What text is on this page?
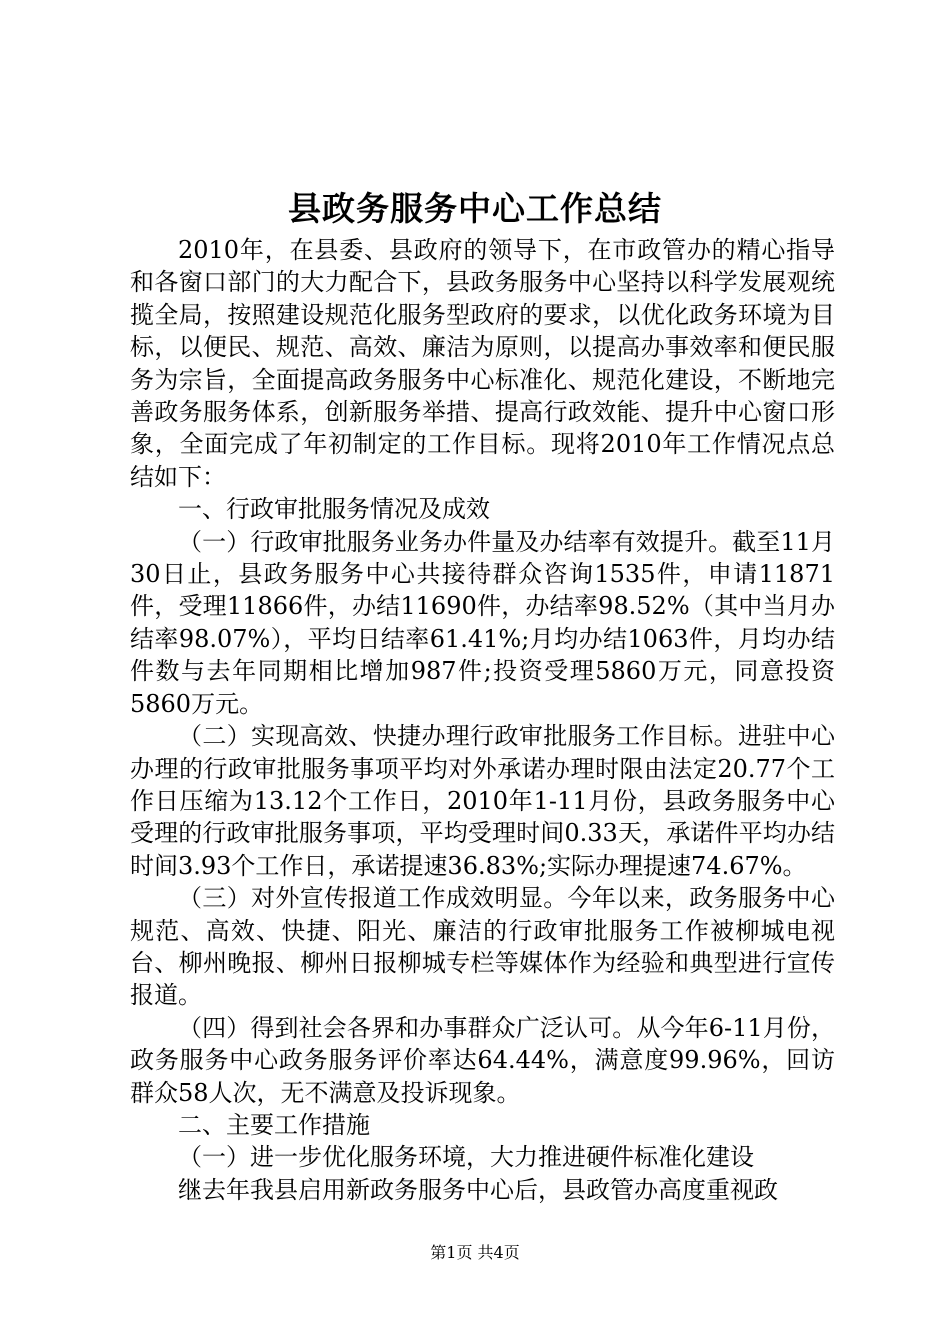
县政务服务中心工作总结

2010年，在县委、县政府的领导下，在市政管办的精心指导和各窗口部门的大力配合下，县政务服务中心坚持以科学发展观统揽全局，按照建设规范化服务型政府的要求，以优化政务环境为目标，以便民、规范、高效、廉洁为原则，以提高办事效率和便民服务为宗旨，全面提高政务服务中心标准化、规范化建设，不断地完善政务服务体系，创新服务举措、提高行政效能、提升中心窗口形象，全面完成了年初制定的工作目标。现将2010年工作情况点总结如下：

一、行政审批服务情况及成效

（一）行政审批服务业务办件量及办结率有效提升。截至11月30日止，县政务服务中心共接待群众咨询1535件，申请11871件，受理11866件，办结11690件，办结率98.52%（其中当月办结率98.07%），平均日结率61.41%;月均办结1063件，月均办结件数与去年同期相比增加987件;投资受理5860万元，同意投资5860万元。

（二）实现高效、快捷办理行政审批服务工作目标。进驻中心办理的行政审批服务事项平均对外承诺办理时限由法定20.77个工作日压缩为13.12个工作日，2010年1-11月份，县政务服务中心受理的行政审批服务事项，平均受理时间0.33天，承诺件平均办结时间3.93个工作日，承诺提速36.83%;实际办理提速74.67%。

（三）对外宣传报道工作成效明显。今年以来，政务服务中心规范、高效、快捷、阳光、廉洁的行政审批服务工作被柳城电视台、柳州晚报、柳州日报柳城专栏等媒体作为经验和典型进行宣传报道。

（四）得到社会各界和办事群众广泛认可。从今年6-11月份，政务服务中心政务服务评价率达64.44%，满意度99.96%，回访群众58人次，无不满意及投诉现象。

二、主要工作措施

（一）进一步优化服务环境，大力推进硬件标准化建设

继去年我县启用新政务服务中心后，县政管办高度重视政

第1页 共4页
